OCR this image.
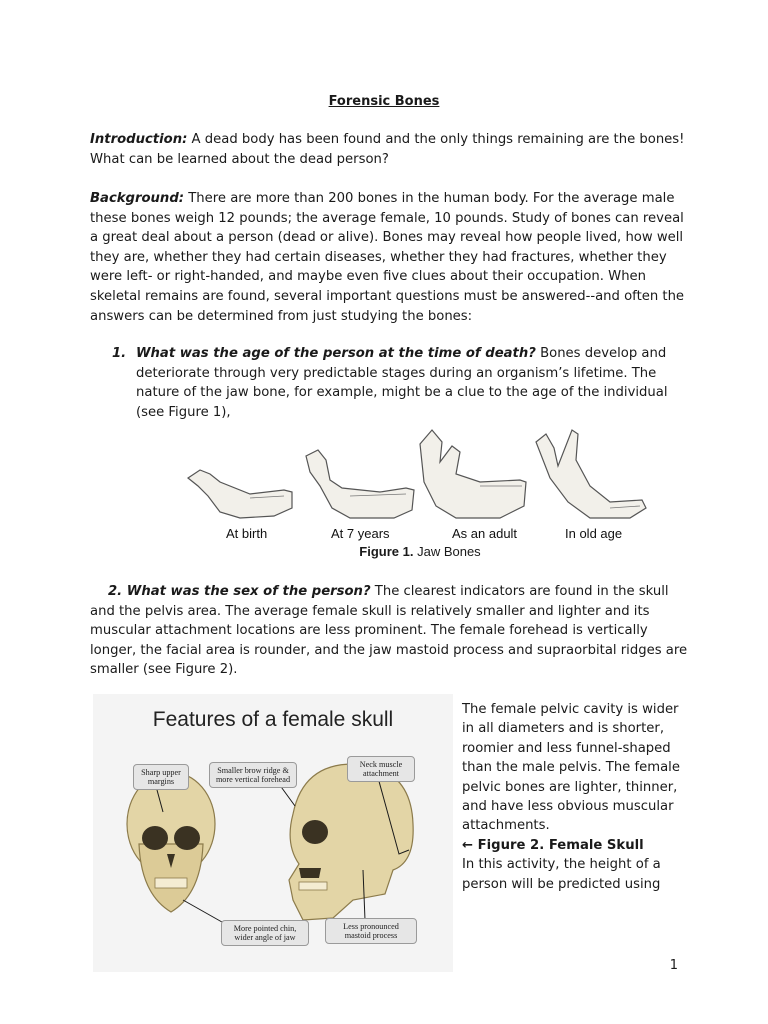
Forensic Bones

Introduction: A dead body has been found and the only things remaining are the bones! What can be learned about the dead person?

Background: There are more than 200 bones in the human body. For the average male these bones weigh 12 pounds; the average female, 10 pounds. Study of bones can reveal a great deal about a person (dead or alive). Bones may reveal how people lived, how well they are, whether they had certain diseases, whether they had fractures, whether they were left- or right-handed, and maybe even five clues about their occupation. When skeletal remains are found, several important questions must be answered--and often the answers can be determined from just studying the bones:

1. What was the age of the person at the time of death? Bones develop and deteriorate through very predictable stages during an organism’s lifetime. The nature of the jaw bone, for example, might be a clue to the age of the individual (see Figure 1),
At birth	At 7 years	As an adult	In old age
Figure 1. Jaw Bones

2. What was the sex of the person? The clearest indicators are found in the skull and the pelvis area. The average female skull is relatively smaller and lighter and its muscular attachment locations are less prominent. The female forehead is vertically longer, the facial area is rounder, and the jaw mastoid process and supraorbital ridges are smaller (see Figure 2).

Features of a female skull
Sharp upper margins
Smaller brow ridge & more vertical forehead
Neck muscle attachment
More pointed chin, wider angle of jaw
Less pronounced mastoid process
The female pelvic cavity is wider in all diameters and is shorter, roomier and less funnel-shaped than the male pelvis. The female pelvic bones are lighter, thinner, and have less obvious muscular attachments.
← Figure 2. Female Skull
In this activity, the height of a person will be predicted using
1
